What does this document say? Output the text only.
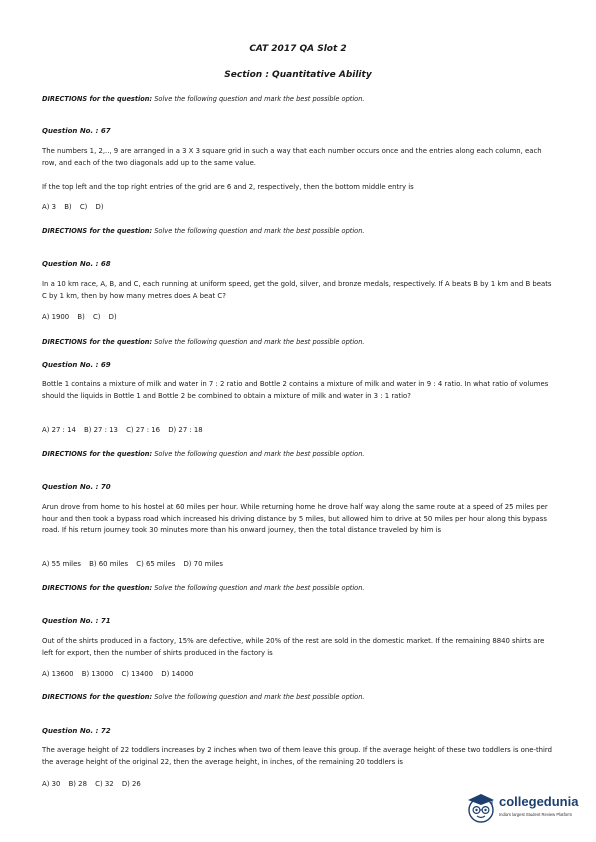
CAT 2017 QA Slot 2
Section : Quantitative Ability
DIRECTIONS for the question: Solve the following question and mark the best possible option.
Question No. : 67
The numbers 1, 2,.., 9 are arranged in a 3 X 3 square grid in such a way that each number occurs once and the entries along each column, each row, and each of the two diagonals add up to the same value.
If the top left and the top right entries of the grid are 6 and 2, respectively, then the bottom middle entry is
A) 3 B) C) D)
DIRECTIONS for the question: Solve the following question and mark the best possible option.
Question No. : 68
In a 10 km race, A, B, and C, each running at uniform speed, get the gold, silver, and bronze medals, respectively. If A beats B by 1 km and B beats C by 1 km, then by how many metres does A beat C?
A) 1900 B) C) D)
DIRECTIONS for the question: Solve the following question and mark the best possible option.
Question No. : 69
Bottle 1 contains a mixture of milk and water in 7 : 2 ratio and Bottle 2 contains a mixture of milk and water in 9 : 4 ratio. In what ratio of volumes should the liquids in Bottle 1 and Bottle 2 be combined to obtain a mixture of milk and water in 3 : 1 ratio?
A) 27 : 14 B) 27 : 13 C) 27 : 16 D) 27 : 18
DIRECTIONS for the question: Solve the following question and mark the best possible option.
Question No. : 70
Arun drove from home to his hostel at 60 miles per hour. While returning home he drove half way along the same route at a speed of 25 miles per hour and then took a bypass road which increased his driving distance by 5 miles, but allowed him to drive at 50 miles per hour along this bypass road. If his return journey took 30 minutes more than his onward journey, then the total distance traveled by him is
A) 55 miles B) 60 miles C) 65 miles D) 70 miles
DIRECTIONS for the question: Solve the following question and mark the best possible option.
Question No. : 71
Out of the shirts produced in a factory, 15% are defective, while 20% of the rest are sold in the domestic market. If the remaining 8840 shirts are left for export, then the number of shirts produced in the factory is
A) 13600 B) 13000 C) 13400 D) 14000
DIRECTIONS for the question: Solve the following question and mark the best possible option.
Question No. : 72
The average height of 22 toddlers increases by 2 inches when two of them leave this group. If the average height of these two toddlers is one-third the average height of the original 22, then the average height, in inches, of the remaining 20 toddlers is
A) 30 B) 28 C) 32 D) 26
collegedunia
India's largest Student Review Platform
